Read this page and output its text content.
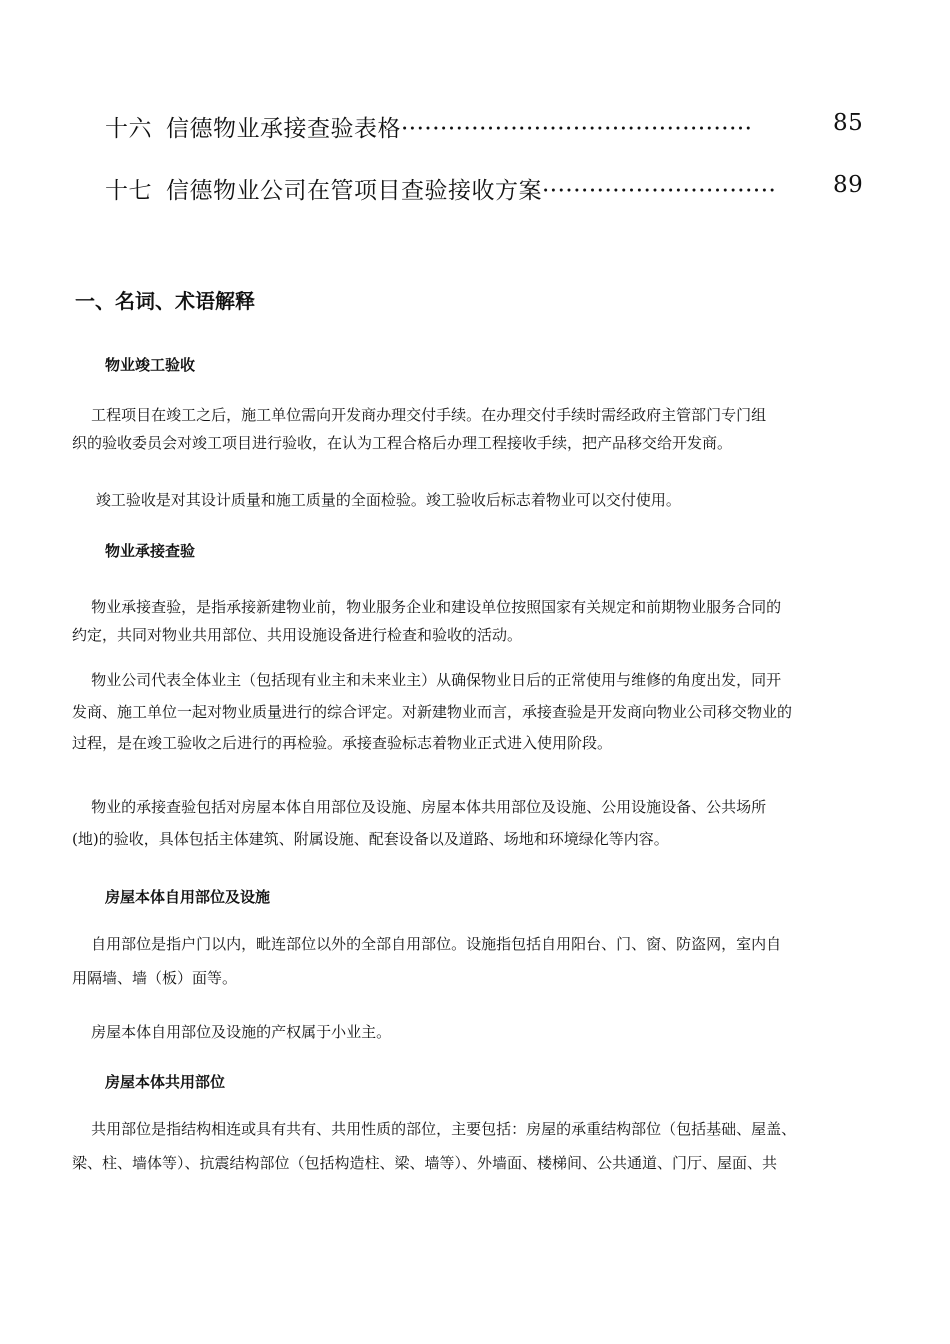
十六 信德物业承接查验表格·············································	85
十七 信德物业公司在管项目查验接收方案······························ 89
一、名词、术语解释
物业竣工验收
工程项目在竣工之后，施工单位需向开发商办理交付手续。在办理交付手续时需经政府主管部门专门组
织的验收委员会对竣工项目进行验收，在认为工程合格后办理工程接收手续，把产品移交给开发商。
竣工验收是对其设计质量和施工质量的全面检验。竣工验收后标志着物业可以交付使用。
物业承接查验
物业承接查验，是指承接新建物业前，物业服务企业和建设单位按照国家有关规定和前期物业服务合同的
约定，共同对物业共用部位、共用设施设备进行检查和验收的活动。
物业公司代表全体业主（包括现有业主和未来业主）从确保物业日后的正常使用与维修的角度出发，同开
发商、施工单位一起对物业质量进行的综合评定。对新建物业而言，承接查验是开发商向物业公司移交物业的
过程，是在竣工验收之后进行的再检验。承接查验标志着物业正式进入使用阶段。
物业的承接查验包括对房屋本体自用部位及设施、房屋本体共用部位及设施、公用设施设备、公共场所
(地)的验收，具体包括主体建筑、附属设施、配套设备以及道路、场地和环境绿化等内容。
房屋本体自用部位及设施
自用部位是指户门以内，毗连部位以外的全部自用部位。设施指包括自用阳台、门、窗、防盗网，室内自
用隔墙、墙（板）面等。
房屋本体自用部位及设施的产权属于小业主。
房屋本体共用部位
共用部位是指结构相连或具有共有、共用性质的部位，主要包括：房屋的承重结构部位（包括基础、屋盖、
梁、柱、墙体等）、抗震结构部位（包括构造柱、梁、墙等）、外墙面、楼梯间、公共通道、门厅、屋面、共
